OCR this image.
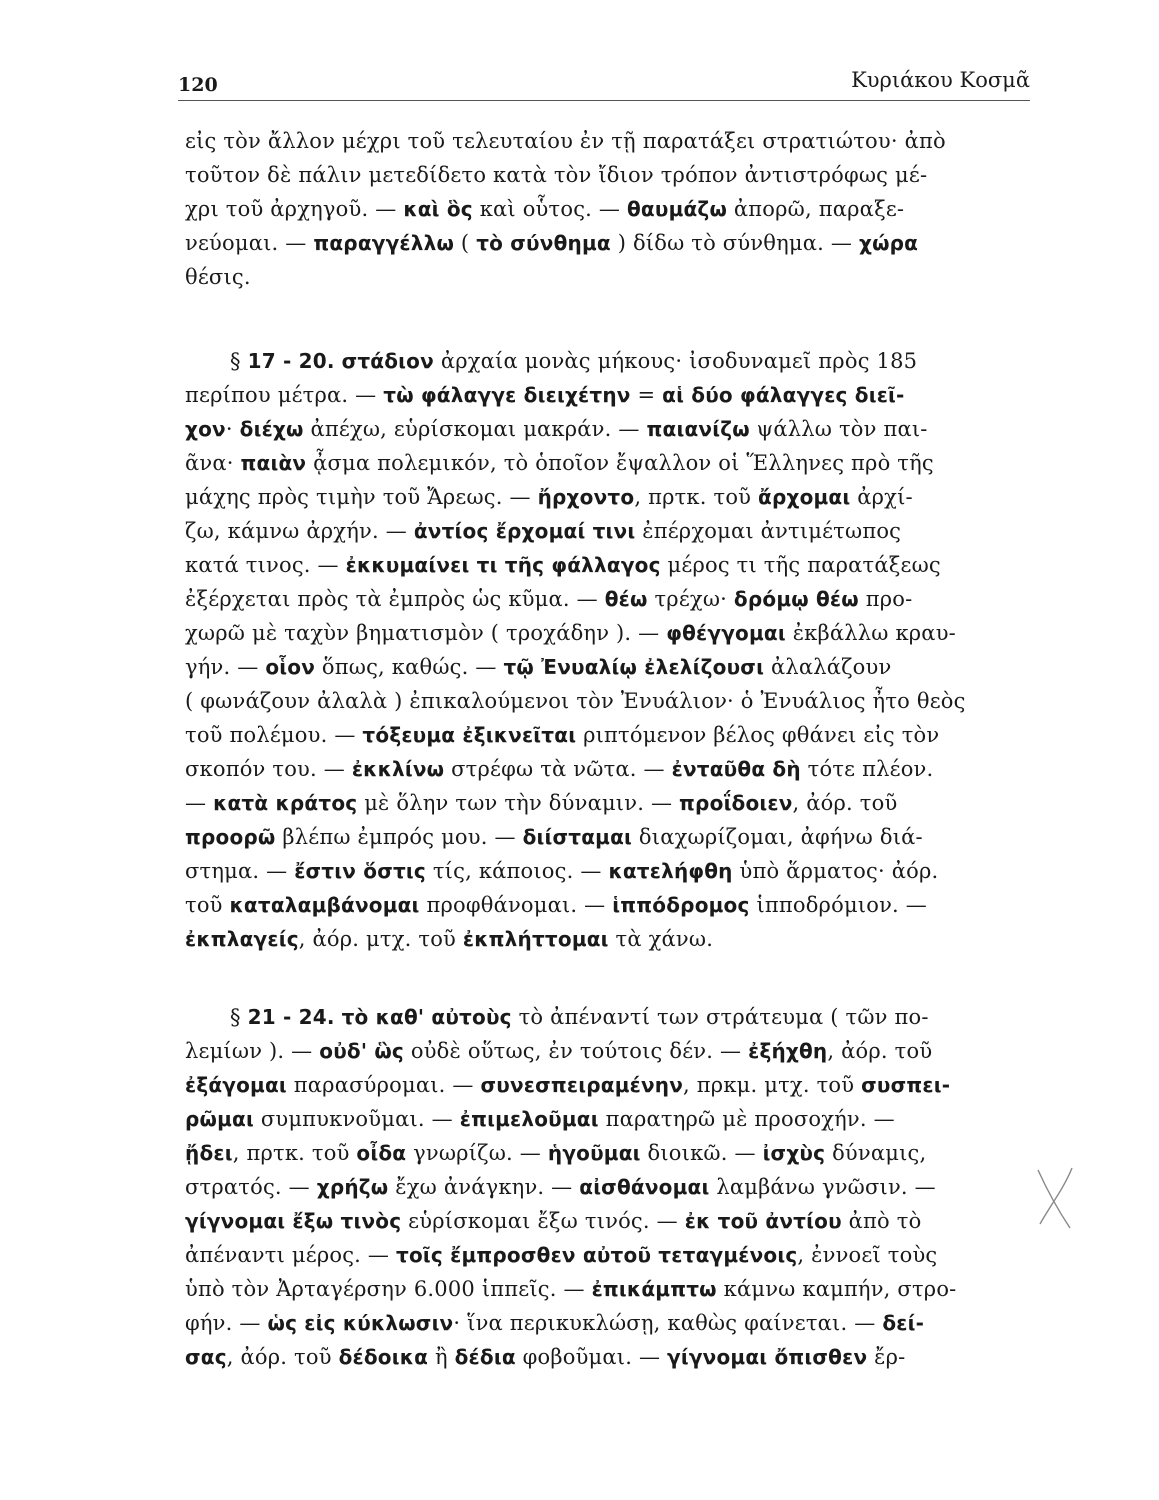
120	Κυριάκου Κοσμᾶ
εἰς τὸν ἄλλον μέχρι τοῦ τελευταίου ἐν τῇ παρατάξει στρατιώτου· ἀπὸ
τοῦτον δὲ πάλιν μετεδίδετο κατὰ τὸν ἴδιον τρόπον ἀντιστρόφως μέ-
χρι τοῦ ἀρχηγοῦ. — καὶ ὃς καὶ οὗτος. — θαυμάζω ἀπορῶ, παραξε-
νεύομαι. — παραγγέλλω ( τὸ σύνθημα ) δίδω τὸ σύνθημα. — χώρα
θέσις.
§ 17 - 20. στάδιον ἀρχαία μονὰς μήκους· ἰσοδυναμεῖ πρὸς 185
περίπου μέτρα. — τὼ φάλαγγε διειχέτην = αἱ δύο φάλαγγες διεῖ-
χον· διέχω ἀπέχω, εὑρίσκομαι μακράν. — παιανίζω ψάλλω τὸν παι-
ᾶνα· παιὰν ᾆσμα πολεμικόν, τὸ ὁποῖον ἔψαλλον οἱ Ἕλληνες πρὸ τῆς
μάχης πρὸς τιμὴν τοῦ Ἄρεως. — ἤρχοντο, πρτκ. τοῦ ἄρχομαι ἀρχί-
ζω, κάμνω ἀρχήν. — ἀντίος ἔρχομαί τινι ἐπέρχομαι ἀντιμέτωπος
κατά τινος. — ἐκκυμαίνει τι τῆς φάλλαγος μέρος τι τῆς παρατάξεως
ἐξέρχεται πρὸς τὰ ἐμπρὸς ὡς κῦμα. — θέω τρέχω· δρόμῳ θέω προ-
χωρῶ μὲ ταχὺν βηματισμὸν ( τροχάδην ). — φθέγγομαι ἐκβάλλω κραυ-
γήν. — οἷον ὅπως, καθώς. — τῷ Ἐνυαλίῳ ἐλελίζουσι ἀλαλάζουν
( φωνάζουν ἀλαλὰ ) ἐπικαλούμενοι τὸν Ἐνυάλιον· ὁ Ἐνυάλιος ἦτο θεὸς
τοῦ πολέμου. — τόξευμα ἐξικνεῖται ριπτόμενον βέλος φθάνει εἰς τὸν
σκοπόν του. — ἐκκλίνω στρέφω τὰ νῶτα. — ἐνταῦθα δὴ τότε πλέον.
— κατὰ κράτος μὲ ὅλην των τὴν δύναμιν. — προΐδοιεν, ἀόρ. τοῦ
προορῶ βλέπω ἐμπρός μου. — διίσταμαι διαχωρίζομαι, ἀφήνω διά-
στημα. — ἔστιν ὅστις τίς, κάποιος. — κατελήφθη ὑπὸ ἅρματος· ἀόρ.
τοῦ καταλαμβάνομαι προφθάνομαι. — ἱππόδρομος ἱπποδρόμιον. —
ἐκπλαγείς, ἀόρ. μτχ. τοῦ ἐκπλήττομαι τὰ χάνω.
§ 21 - 24. τὸ καθ' αὐτοὺς τὸ ἀπέναντί των στράτευμα ( τῶν πο-
λεμίων ). — οὐδ' ὣς οὐδὲ οὕτως, ἐν τούτοις δέν. — ἐξήχθη, ἀόρ. τοῦ
ἐξάγομαι παρασύρομαι. — συνεσπειραμένην, πρκμ. μτχ. τοῦ συσπει-
ρῶμαι συμπυκνοῦμαι. — ἐπιμελοῦμαι παρατηρῶ μὲ προσοχήν. —
ᾔδει, πρτκ. τοῦ οἶδα γνωρίζω. — ἡγοῦμαι διοικῶ. — ἰσχὺς δύναμις,
στρατός. — χρήζω ἔχω ἀνάγκην. — αἰσθάνομαι λαμβάνω γνῶσιν. —
γίγνομαι ἔξω τινὸς εὑρίσκομαι ἔξω τινός. — ἐκ τοῦ ἀντίου ἀπὸ τὸ
ἀπέναντι μέρος. — τοῖς ἔμπροσθεν αὐτοῦ τεταγμένοις, ἐννοεῖ τοὺς
ὑπὸ τὸν Ἀρταγέρσην 6.000 ἱππεῖς. — ἐπικάμπτω κάμνω καμπήν, στρο-
φήν. — ὡς εἰς κύκλωσιν· ἵνα περικυκλώσῃ, καθὼς φαίνεται. — δεί-
σας, ἀόρ. τοῦ δέδοικα ἢ δέδια φοβοῦμαι. — γίγνομαι ὄπισθεν ἔρ-
